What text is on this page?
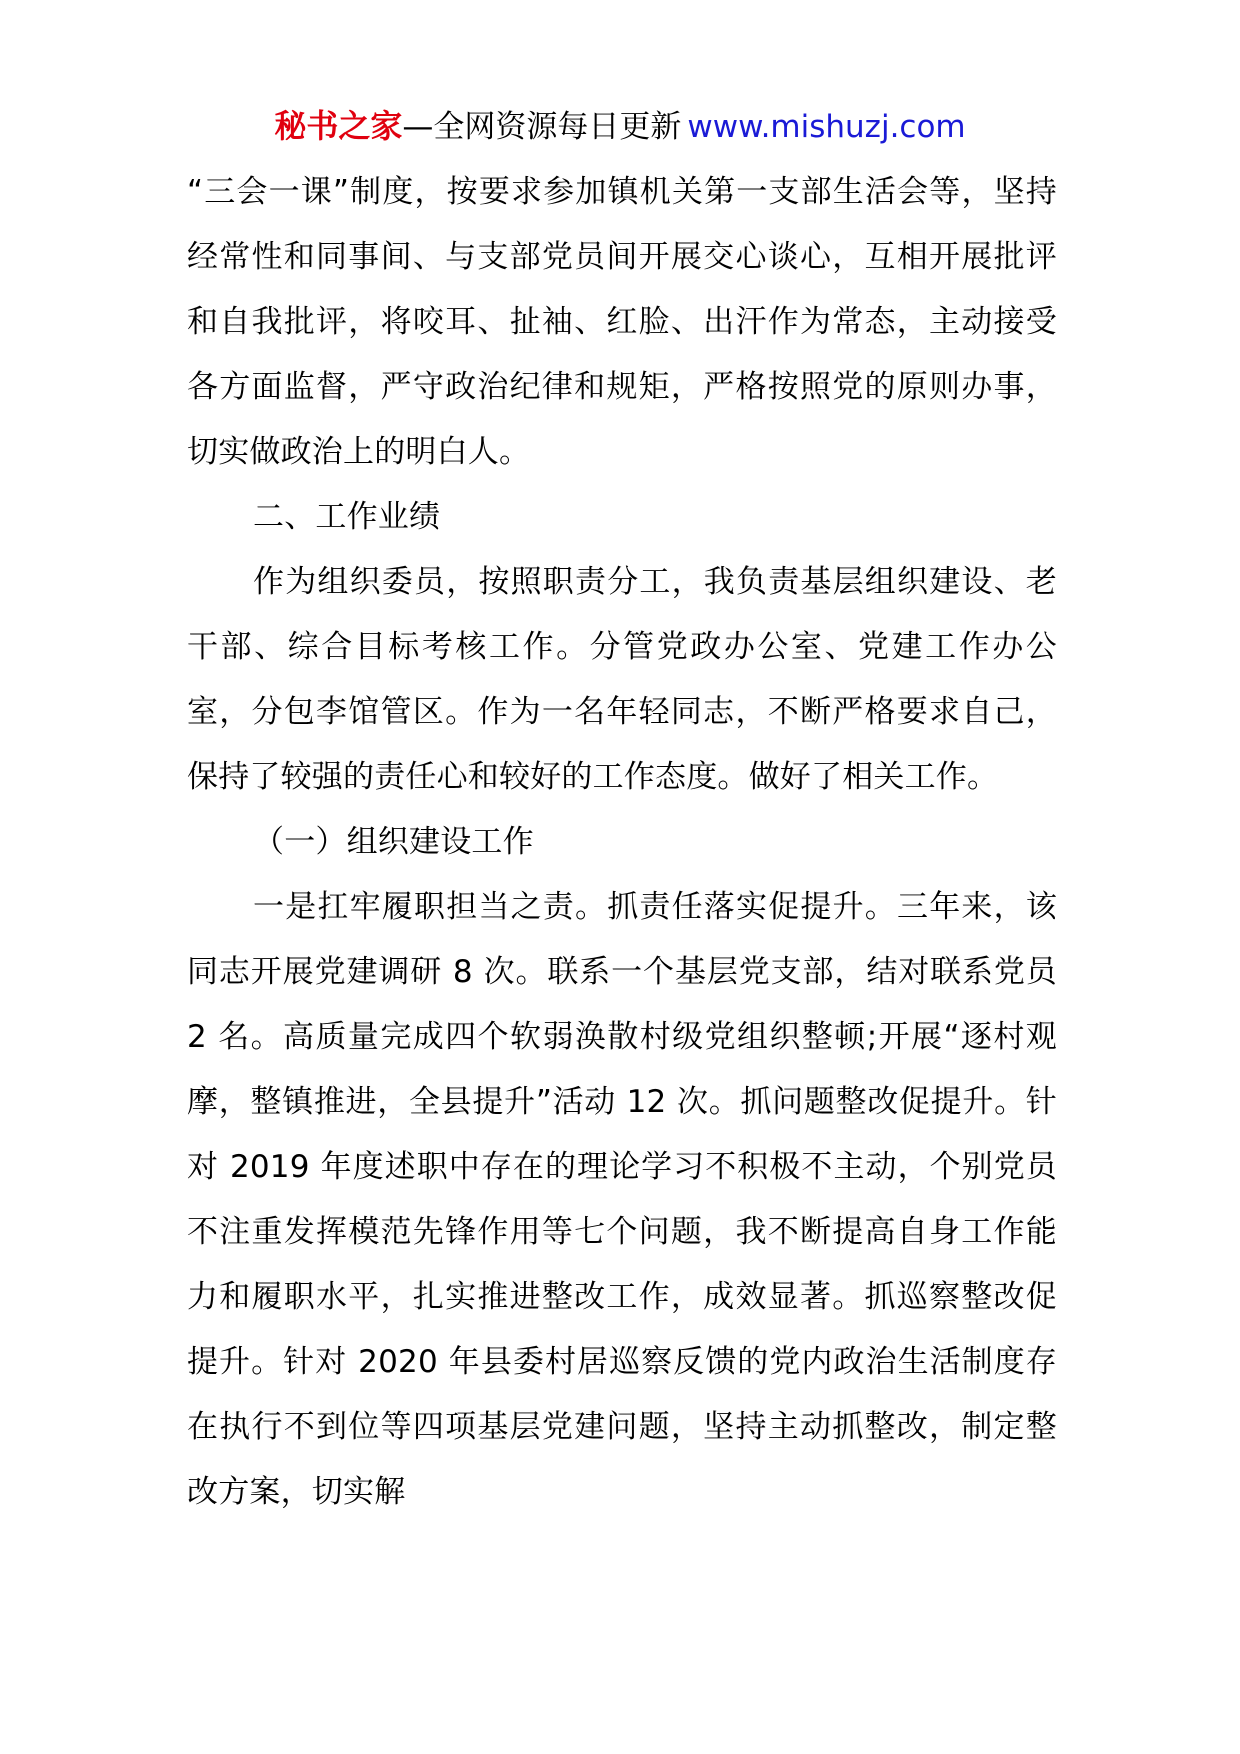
秘书之家—全网资源每日更新 www.mishuzj.com

“三会一课”制度，按要求参加镇机关第一支部生活会等，坚持经常性和同事间、与支部党员间开展交心谈心，互相开展批评和自我批评，将咬耳、扯袖、红脸、出汗作为常态，主动接受各方面监督，严守政治纪律和规矩，严格按照党的原则办事，切实做政治上的明白人。

二、工作业绩

作为组织委员，按照职责分工，我负责基层组织建设、老干部、综合目标考核工作。分管党政办公室、党建工作办公室，分包李馆管区。作为一名年轻同志，不断严格要求自己，保持了较强的责任心和较好的工作态度。做好了相关工作。

（一）组织建设工作

一是扛牢履职担当之责。抓责任落实促提升。三年来，该同志开展党建调研 8 次。联系一个基层党支部，结对联系党员 2 名。高质量完成四个软弱涣散村级党组织整顿;开展“逐村观摩，整镇推进，全县提升”活动 12 次。抓问题整改促提升。针对 2019 年度述职中存在的理论学习不积极不主动，个别党员不注重发挥模范先锋作用等七个问题，我不断提高自身工作能力和履职水平，扎实推进整改工作，成效显著。抓巡察整改促提升。针对 2020 年县委村居巡察反馈的党内政治生活制度存在执行不到位等四项基层党建问题，坚持主动抓整改，制定整改方案，切实解
